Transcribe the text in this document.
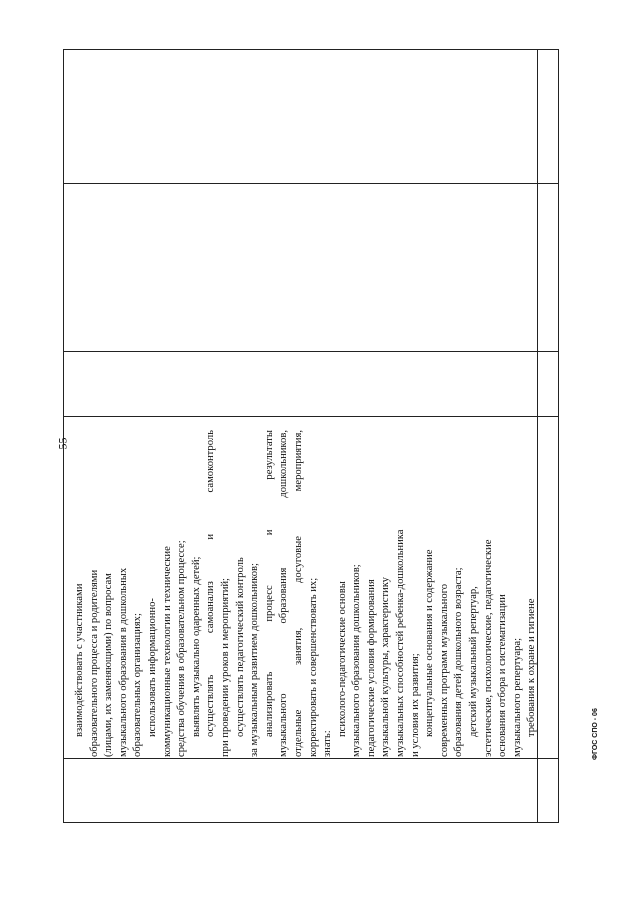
взаимодействовать с участниками образовательного процесса и родителями (лицами, их заменяющими) по вопросам музыкального образования в дошкольных образовательных организациях; использовать информационно- коммуникационные технологии и технические средства обучения в образовательном процессе; выявлять музыкально одаренных детей; осуществлять самоанализ и самоконтроль при проведении уроков и мероприятий; осуществлять педагогический контроль за музыкальным развитием дошкольников; анализировать процесс и результаты музыкального образования дошкольников, отдельные занятия, досуговые мероприятия, корректировать и совершенствовать их; знать:
психолого-педагогические основы музыкального образования дошкольников; педагогические условия формирования музыкальной культуры, характеристику музыкальных способностей ребенка-дошкольника и условия их развития; концептуальные основания и содержание современных программ музыкального образования детей дошкольного возраста; детский музыкальный репертуар, эстетические, психологические, педагогические основания отбора и систематизации музыкального репертуара; требования к охране и гигиене
55
ФГОС СПО - 06
